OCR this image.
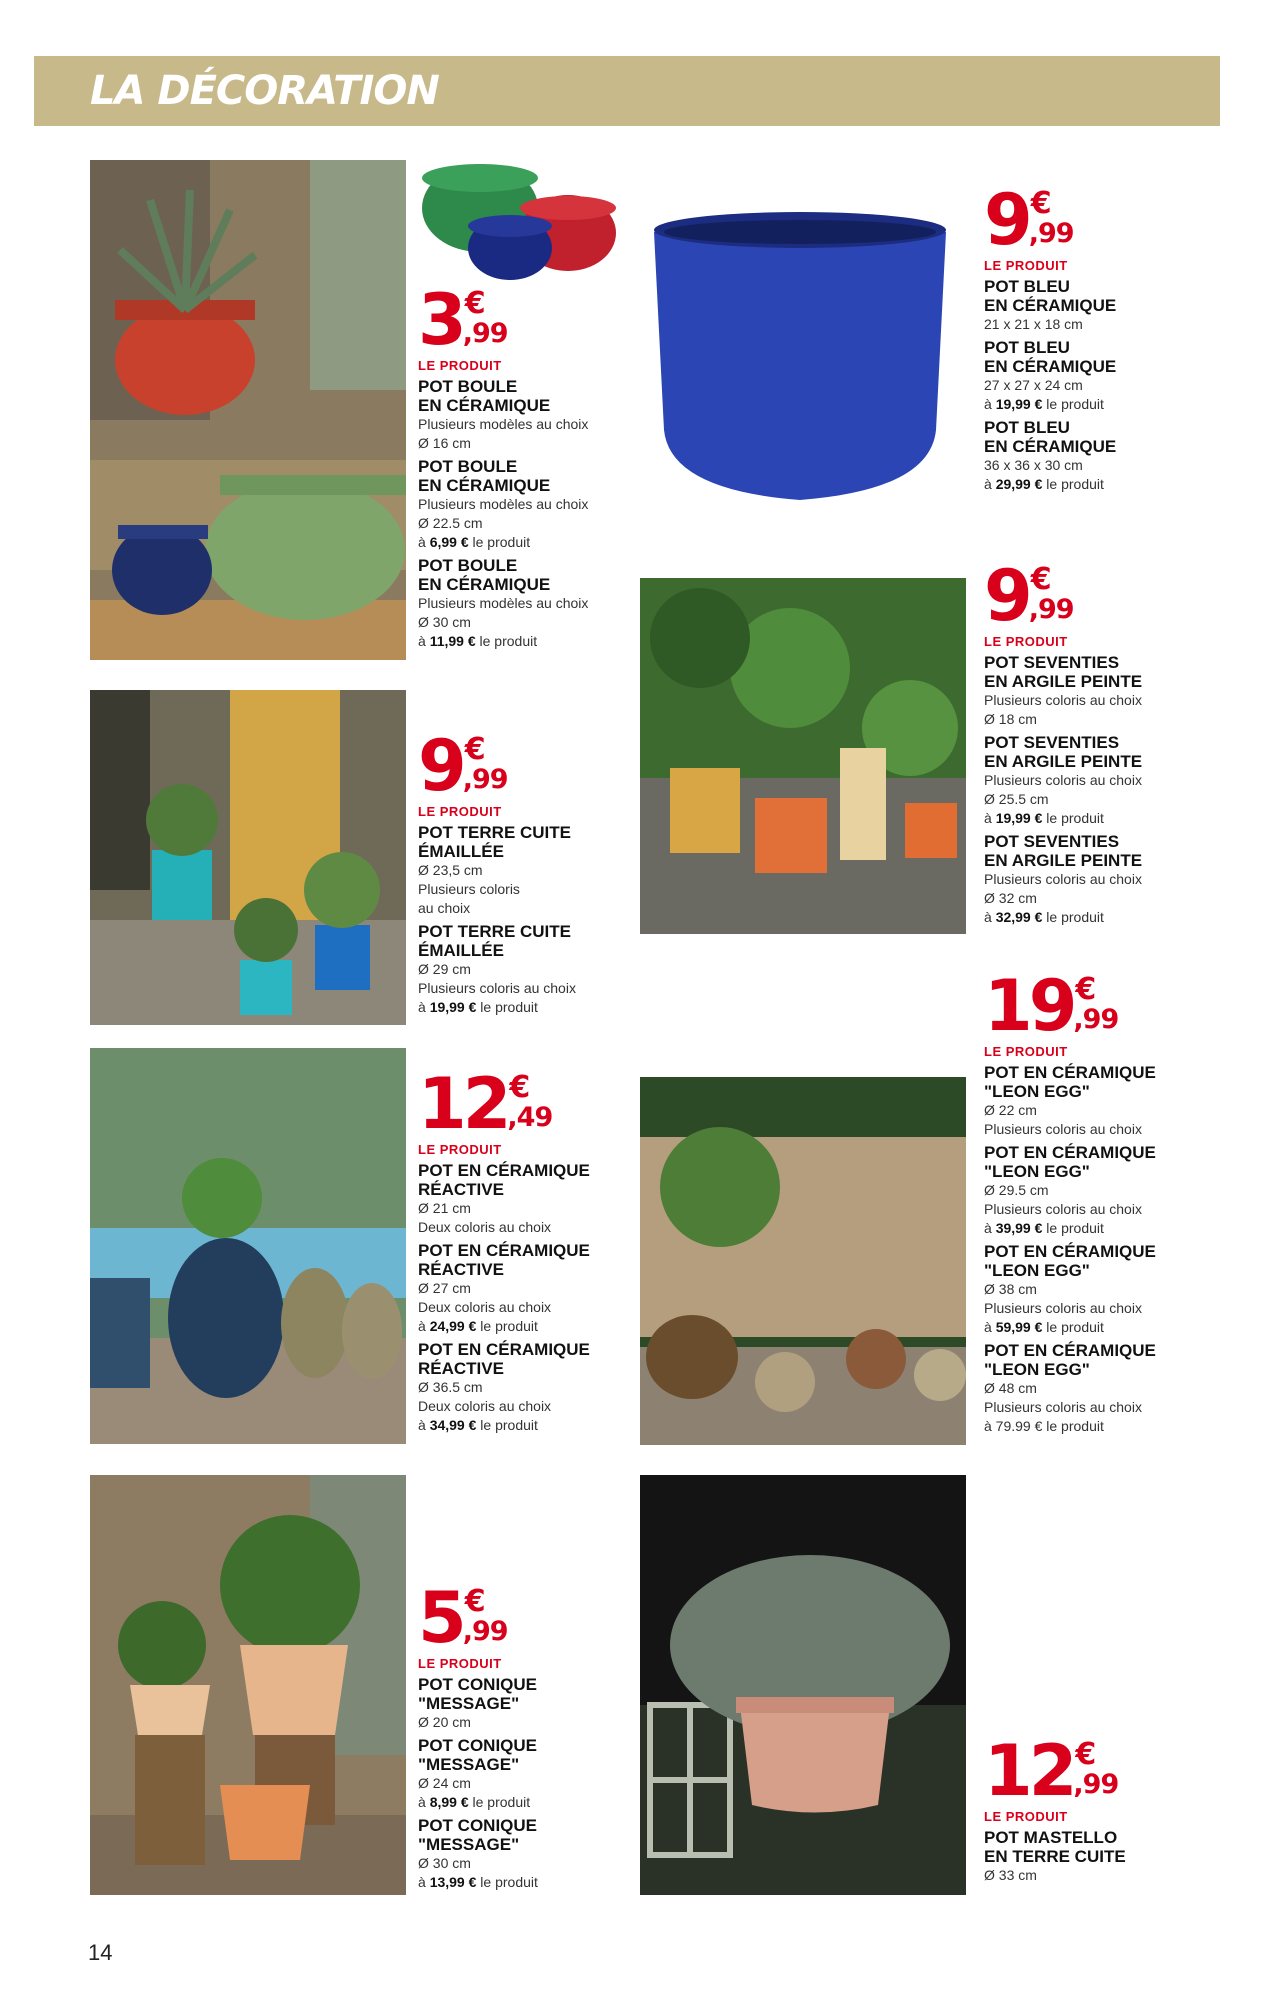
LA DÉCORATION
3 €
,99
LE PRODUIT
POT BOULE
EN CÉRAMIQUE
Plusieurs modèles au choix
Ø 16 cm
POT BOULE
EN CÉRAMIQUE
Plusieurs modèles au choix
Ø 22.5 cm
à 6,99 € le produit
POT BOULE
EN CÉRAMIQUE
Plusieurs modèles au choix
Ø 30 cm
à 11,99 € le produit
9 €
,99
LE PRODUIT
POT BLEU
EN CÉRAMIQUE
21 x 21 x 18 cm
POT BLEU
EN CÉRAMIQUE
27 x 27 x 24 cm
à 19,99 € le produit
POT BLEU
EN CÉRAMIQUE
36 x 36 x 30 cm
à 29,99 € le produit
9 €
,99
LE PRODUIT
POT TERRE CUITE
ÉMAILLÉE
Ø 23,5 cm
Plusieurs coloris
au choix
POT TERRE CUITE
ÉMAILLÉE
Ø 29 cm
Plusieurs coloris au choix
à 19,99 € le produit
9 €
,99
LE PRODUIT
POT SEVENTIES
EN ARGILE PEINTE
Plusieurs coloris au choix
Ø 18 cm
POT SEVENTIES
EN ARGILE PEINTE
Plusieurs coloris au choix
Ø 25.5 cm
à 19,99 € le produit
POT SEVENTIES
EN ARGILE PEINTE
Plusieurs coloris au choix
Ø 32 cm
à 32,99 € le produit
12 €
,49
LE PRODUIT
POT EN CÉRAMIQUE
RÉACTIVE
Ø 21 cm
Deux coloris au choix
POT EN CÉRAMIQUE
RÉACTIVE
Ø 27 cm
Deux coloris au choix
à 24,99 € le produit
POT EN CÉRAMIQUE
RÉACTIVE
Ø 36.5 cm
Deux coloris au choix
à 34,99 € le produit
19 €
,99
LE PRODUIT
POT EN CÉRAMIQUE
"LEON EGG"
Ø 22 cm
Plusieurs coloris au choix
POT EN CÉRAMIQUE
"LEON EGG"
Ø 29.5 cm
Plusieurs coloris au choix
à 39,99 € le produit
POT EN CÉRAMIQUE
"LEON EGG"
Ø 38 cm
Plusieurs coloris au choix
à 59,99 € le produit
POT EN CÉRAMIQUE
"LEON EGG"
Ø 48 cm
Plusieurs coloris au choix
à 79.99 € le produit
5 €
,99
LE PRODUIT
POT CONIQUE
"MESSAGE"
Ø 20 cm
POT CONIQUE
"MESSAGE"
Ø 24 cm
à 8,99 € le produit
POT CONIQUE
"MESSAGE"
Ø 30 cm
à 13,99 € le produit
12 €
,99
LE PRODUIT
POT MASTELLO
EN TERRE CUITE
Ø 33 cm
14
